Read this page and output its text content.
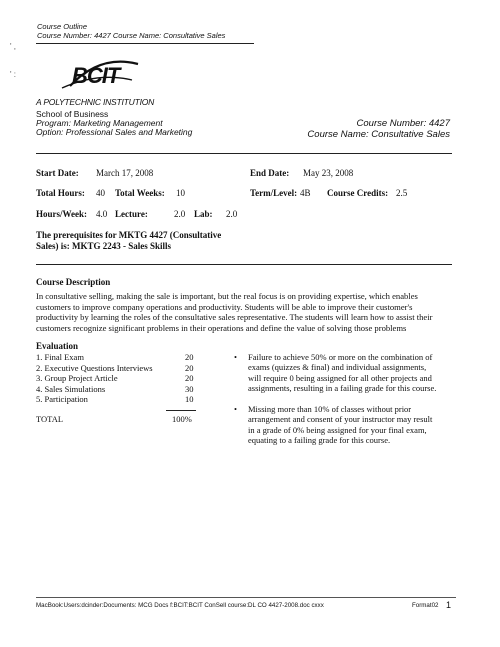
' ,
' :
Course Outline
Course Number: 4427 Course Name: Consultative Sales
BCIT
A POLYTECHNIC INSTITUTION
School of Business
Program: Marketing Management
Option: Professional Sales and Marketing
Course Number: 4427
Course Name: Consultative Sales
Start Date: March 17, 2008	End Date: May 23, 2008
Total Hours: 40 Total Weeks: 10	Term/Level: 4B Course Credits: 2.5
Hours/Week: 4.0 Lecture:	2.0 Lab: 2.0
The prerequisites for MKTG 4427 (Consultative
Sales) is: MKTG 2243 - Sales Skills
Course Description
In consultative selling, making the sale is important, but the real focus is on providing expertise, which enables
customers to improve company operations and productivity. Students will be able to improve their customer's
productivity by learning the roles of the consultative sales representative. The students will learn how to assist their
customers recognize significant problems in their operations and define the value of solving those problems
Evaluation
1. Final Exam	20
2. Executive Questions Interviews	20
3. Group Project Article	20
4. Sales Simulations	30
5. Participation	10
TOTAL	100%
• Failure to achieve 50% or more on the combination of
exams (quizzes & final) and individual assignments,
will require 0 being assigned for all other projects and
assignments, resulting in a failing grade for this course.
• Missing more than 10% of classes without prior
arrangement and consent of your instructor may result
in a grade of 0% being assigned for your final exam,
equating to a failing grade for this course.
MacBook:Users:dcinder:Documents: MCG Docs f:BCIT:BCIT ConSell course:DL CO 4427-2008.doc cxxx	Format02 1
